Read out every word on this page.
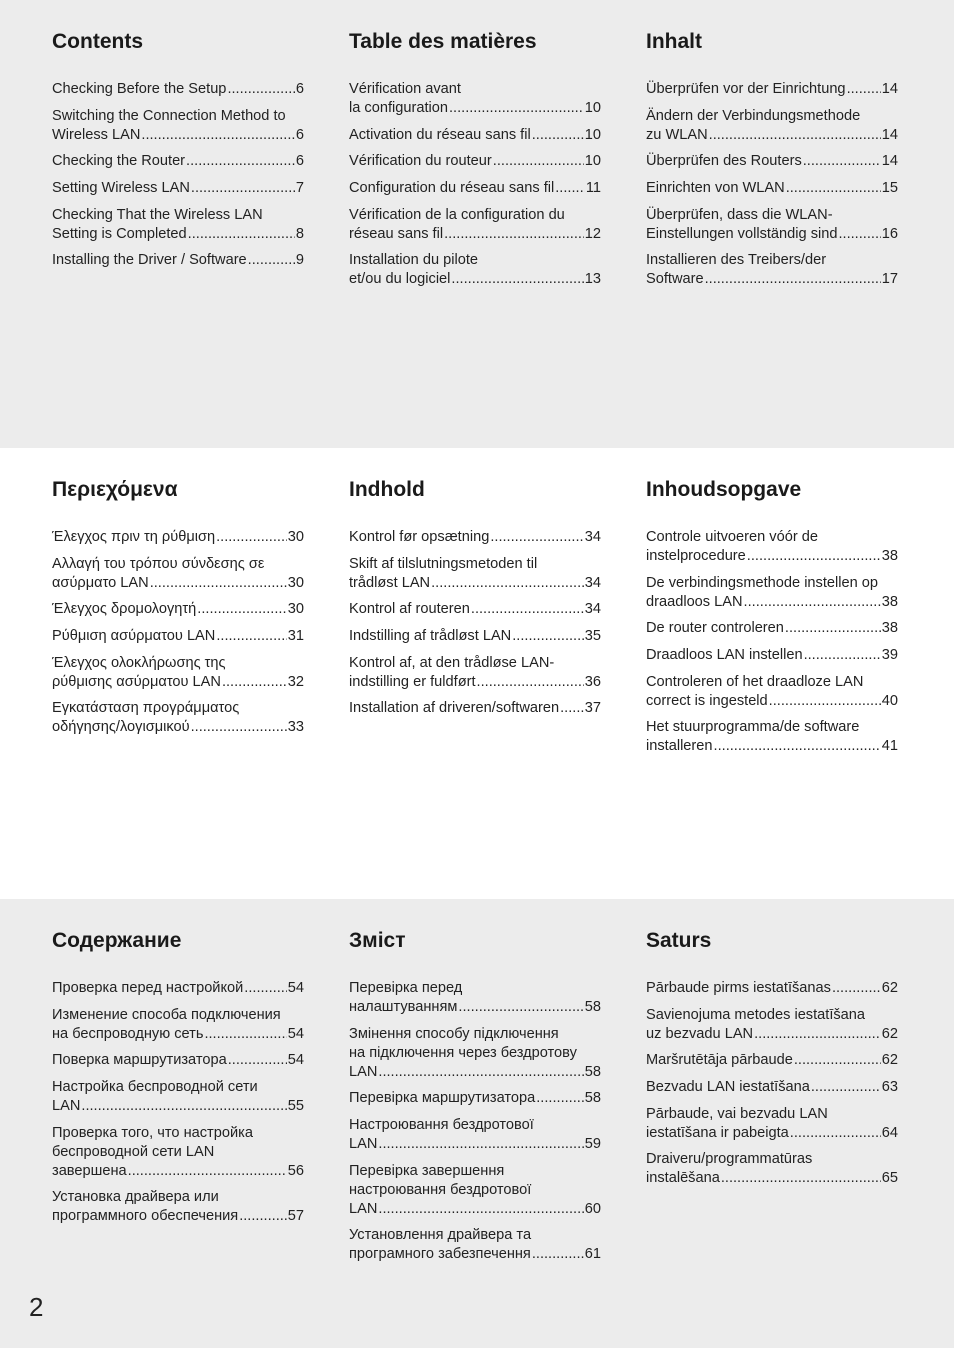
Contents
Checking Before the Setup .....	6
Switching the Connection Method to
Wireless LAN .....	6
Checking the Router .....	6
Setting Wireless LAN .....	7
Checking That the Wireless LAN
Setting is Completed .....	8
Installing the Driver / Software .....	9
Table des matières
Vérification avant
la configuration .....	10
Activation du réseau sans fil .....	10
Vérification du routeur .....	10
Configuration du réseau sans fil ..... 11
Vérification de la configuration du
réseau sans fil .....	12
Installation du pilote
et/ou du logiciel .....	13
Inhalt
Überprüfen vor der Einrichtung ..... 14
Ändern der Verbindungsmethode
zu WLAN .....	14
Überprüfen des Routers .....	14
Einrichten von WLAN .....	15
Überprüfen, dass die WLAN-
Einstellungen vollständig sind .....	16
Installieren des Treibers/der
Software .....	17
Περιεχόμενα
Έλεγχος πριν τη ρύθμιση .....	30
Αλλαγή του τρόπου σύνδεσης σε
ασύρματο LAN .....	30
Έλεγχος δρομολογητή .....	30
Ρύθμιση ασύρματου LAN .....	31
Έλεγχος ολοκλήρωσης της
ρύθμισης ασύρματου LAN .....	32
Εγκατάσταση προγράμματος
οδήγησης/λογισμικού .....	33
Indhold
Kontrol før opsætning .....	34
Skift af tilslutningsmetoden til
trådløst LAN .....	34
Kontrol af routeren .....	34
Indstilling af trådløst LAN .....	35
Kontrol af, at den trådløse LAN-
indstilling er fuldført .....	36
Installation af driveren/softwaren ..... 37
Inhoudsopgave
Controle uitvoeren vóór de
instelprocedure .....	38
De verbindingsmethode instellen op
draadloos LAN .....	38
De router controleren .....	38
Draadloos LAN instellen .....	39
Controleren of het draadloze LAN
correct is ingesteld .....	40
Het stuurprogramma/de software
installeren .....	41
Содержание
Проверка перед настройкой .....	54
Изменение способа подключения
на беспроводную сеть .....	54
Поверка маршрутизатора .....	54
Настройка беспроводной сети
LAN .....	55
Проверка того, что настройка
беспроводной сети LAN
завершена .....	56
Установка драйвера или
программного обеспечения .....	57
Зміст
Перевірка перед
налаштуванням .....	58
Змінення способу підключення
на підключення через бездротову
LAN .....	58
Перевірка маршрутизатора .....	58
Настроювання бездротової
LAN .....	59
Перевірка завершення
настроювання бездротової
LAN .....	60
Установлення драйвера та
програмного забезпечення .....	61
Saturs
Pārbaude pirms iestatīšanas .....	62
Savienojuma metodes iestatīšana
uz bezvadu LAN .....	62
Maršrutētāja pārbaude .....	62
Bezvadu LAN iestatīšana .....	63
Pārbaude, vai bezvadu LAN
iestatīšana ir pabeigta .....	64
Draiveru/programmatūras
instalēšana .....	65
2
